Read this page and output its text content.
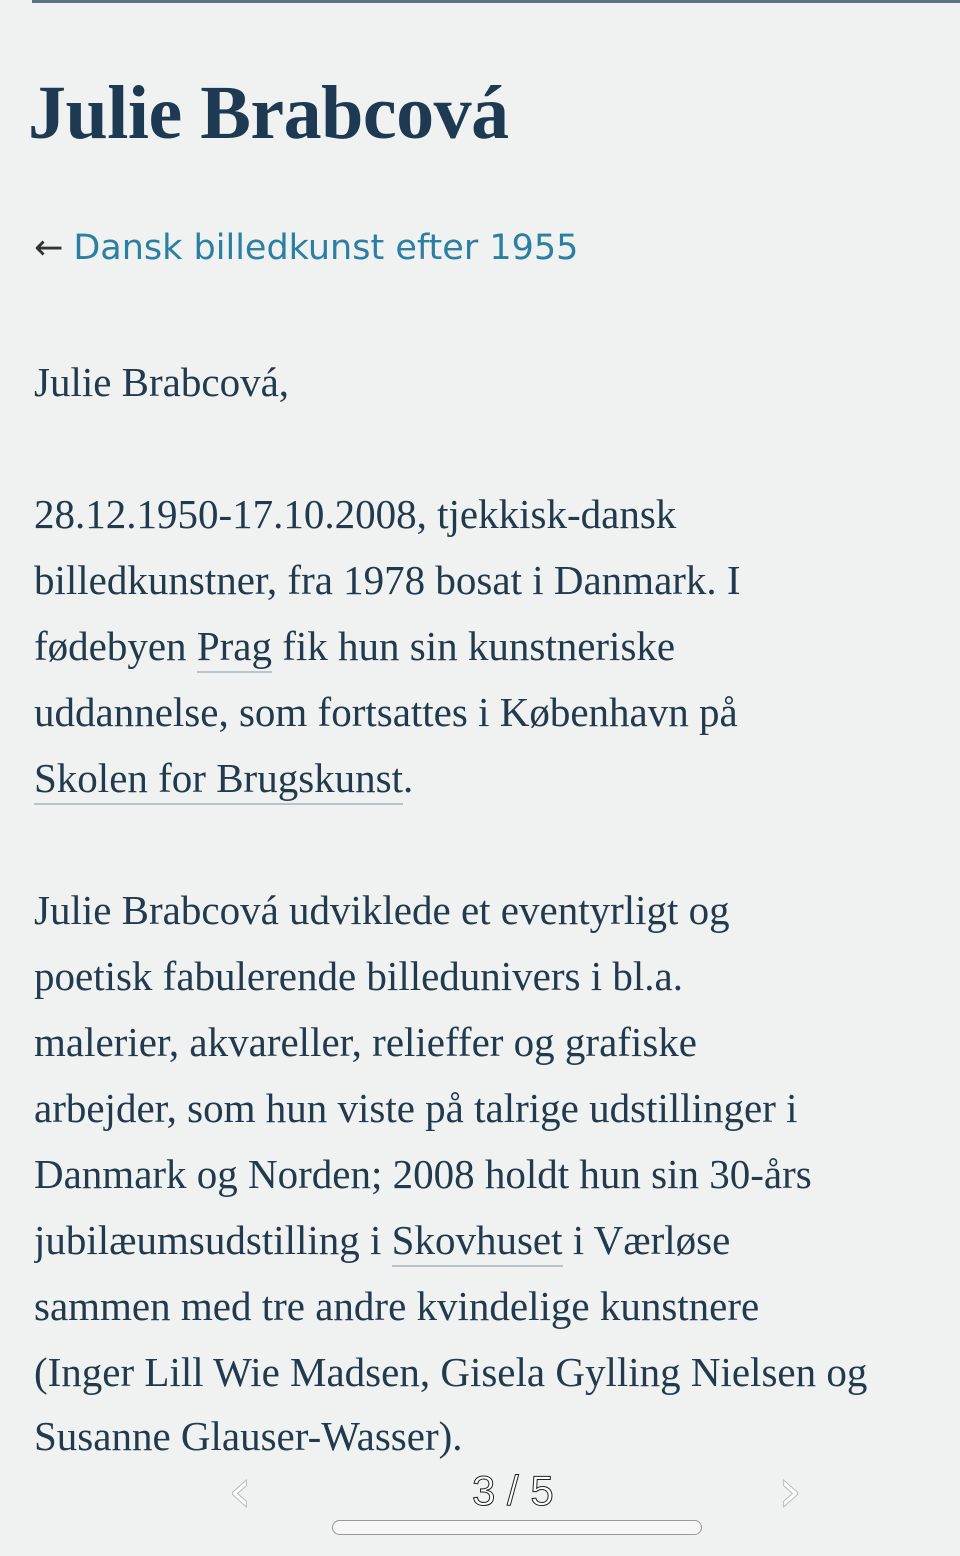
Julie Brabcová
← Dansk billedkunst efter 1955
Julie Brabcová,
28.12.1950-17.10.2008, tjekkisk-dansk
billedkunstner, fra 1978 bosat i Danmark. I
fødebyen Prag fik hun sin kunstneriske
uddannelse, som fortsattes i København på
Skolen for Brugskunst.
Julie Brabcová udviklede et eventyrligt og
poetisk fabulerende billedunivers i bl.a.
malerier, akvareller, relieffer og grafiske
arbejder, som hun viste på talrige udstillinger i
Danmark og Norden; 2008 holdt hun sin 30-års
jubilæumsudstilling i Skovhuset i Værløse
sammen med tre andre kvindelige kunstnere
(Inger Lill Wie Madsen, Gisela Gylling Nielsen og
Susanne Glauser-Wasser).
‹	3 / 5	›
